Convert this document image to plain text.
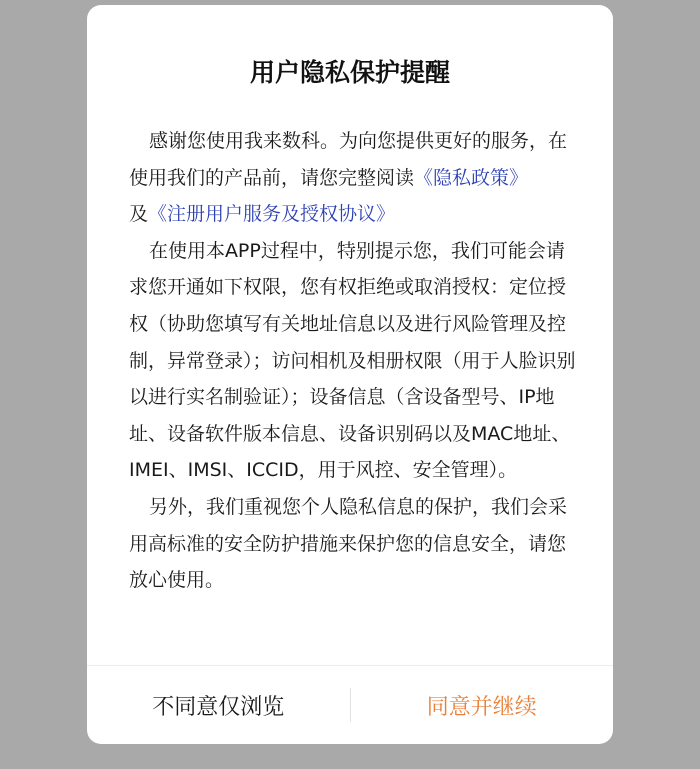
用户隐私保护提醒

感谢您使用我来数科。为向您提供更好的服务，在使用我们的产品前，请您完整阅读《隐私政策》

及《注册用户服务及授权协议》

在使用本APP过程中，特别提示您，我们可能会请求您开通如下权限，您有权拒绝或取消授权：定位授权（协助您填写有关地址信息以及进行风险管理及控制，异常登录）；访问相机及相册权限（用于人脸识别以进行实名制验证）；设备信息（含设备型号、IP地址、设备软件版本信息、设备识别码以及MAC地址、IMEI、IMSI、ICCID，用于风控、安全管理）。

另外，我们重视您个人隐私信息的保护，我们会采用高标准的安全防护措施来保护您的信息安全，请您放心使用。

不同意仅浏览	同意并继续
